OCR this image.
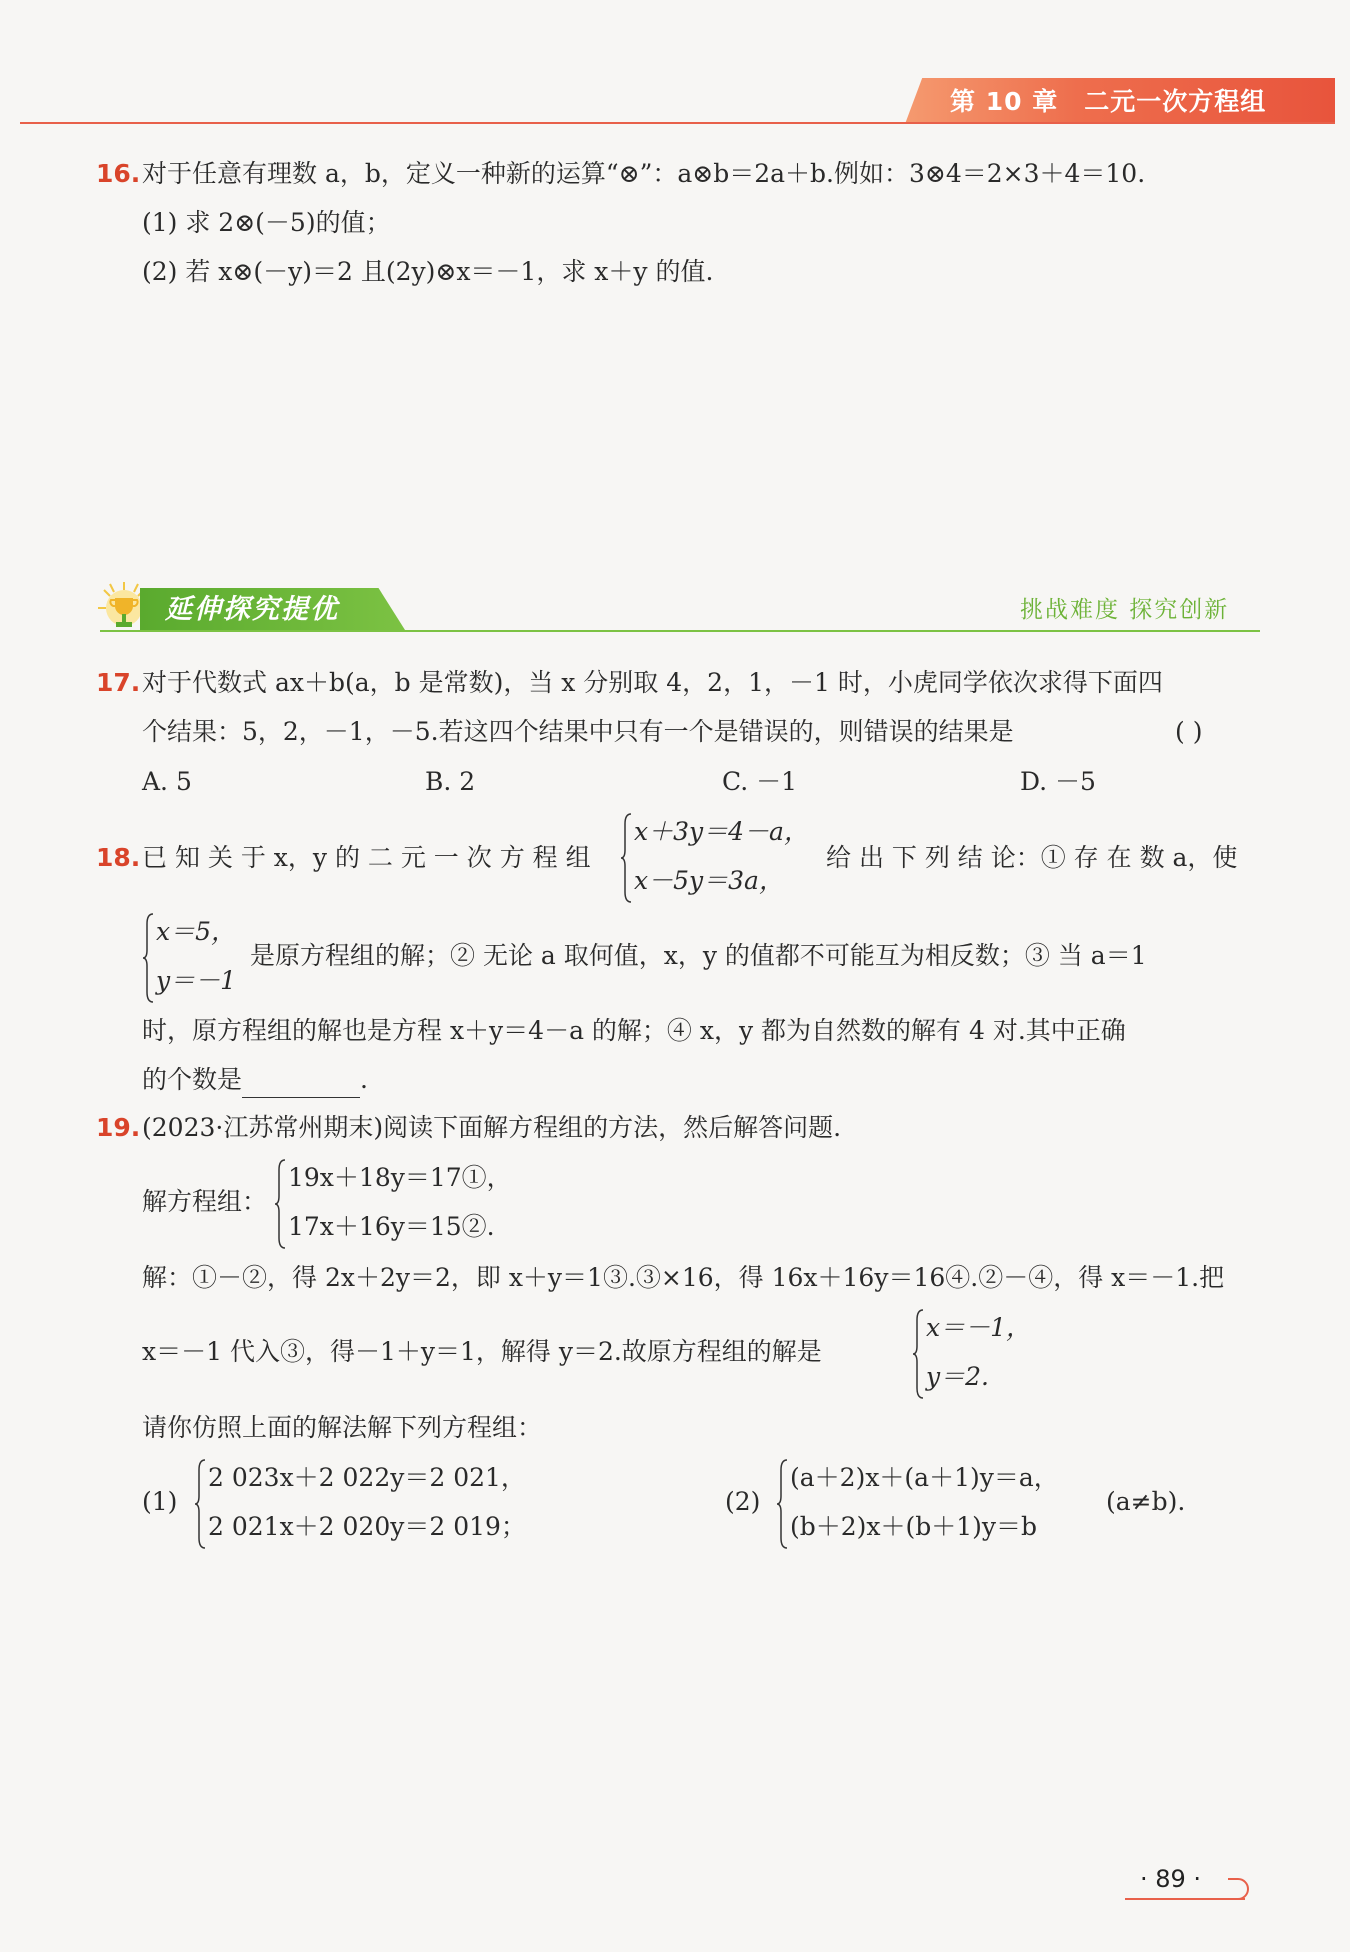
第 10 章 二元一次方程组
16. 对于任意有理数 a，b，定义一种新的运算“⊗”：a⊗b＝2a＋b.例如：3⊗4＝2×3＋4＝10.
(1) 求 2⊗(－5)的值；
(2) 若 x⊗(－y)＝2 且(2y)⊗x＝－1，求 x＋y 的值.
延伸探究提优	挑战难度 探究创新
17. 对于代数式 ax＋b(a，b 是常数)，当 x 分别取 4，2，1，－1 时，小虎同学依次求得下面四
个结果：5，2，－1，－5.若这四个结果中只有一个是错误的，则错误的结果是	( )
A. 5	B. 2	C. －1	D. －5
18. 已 知 关 于 x，y 的 二 元 一 次 方 程 组
x＋3y＝4－a，
x－5y＝3a，
给 出 下 列 结 论：① 存 在 数 a，使
x＝5，
y＝－1
是原方程组的解；② 无论 a 取何值，x，y 的值都不可能互为相反数；③ 当 a＝1
时，原方程组的解也是方程 x＋y＝4－a 的解；④ x，y 都为自然数的解有 4 对.其中正确
的个数是	.
19. (2023·江苏常州期末)阅读下面解方程组的方法，然后解答问题.
解方程组：
19x＋18y＝17①，
17x＋16y＝15②.
解：①－②，得 2x＋2y＝2，即 x＋y＝1③.③×16，得 16x＋16y＝16④.②－④，得 x＝－1.把
x＝－1 代入③，得－1＋y＝1，解得 y＝2.故原方程组的解是
x＝－1，
y＝2.
请你仿照上面的解法解下列方程组：
(1)
2 023x＋2 022y＝2 021，
2 021x＋2 020y＝2 019；
(2)
(a＋2)x＋(a＋1)y＝a，
(b＋2)x＋(b＋1)y＝b
(a≠b).
· 89 ·
